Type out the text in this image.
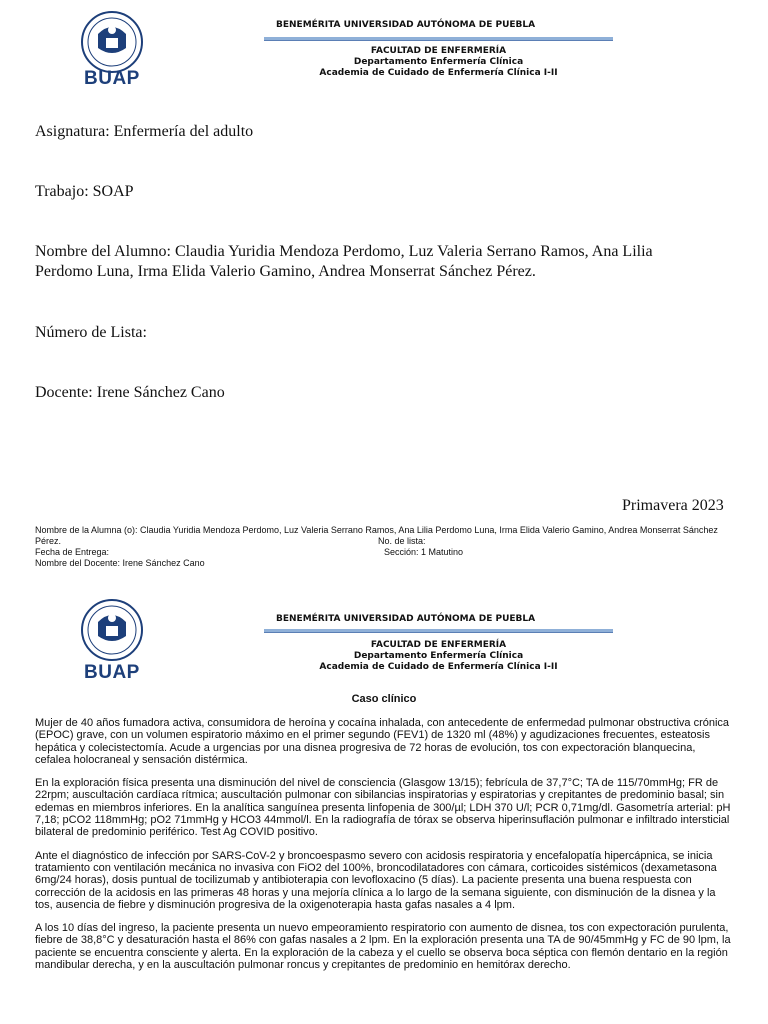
BUAP
BENEMÉRITA UNIVERSIDAD AUTÓNOMA DE PUEBLA
FACULTAD DE ENFERMERÍA
Departamento Enfermería Clínica
Academia de Cuidado de Enfermería Clínica I-II
Asignatura: Enfermería del adulto
Trabajo: SOAP
Nombre del Alumno: Claudia Yuridia Mendoza Perdomo, Luz Valeria Serrano Ramos, Ana Lilia
Perdomo Luna, Irma Elida Valerio Gamino, Andrea Monserrat Sánchez Pérez.
Número de Lista:
Docente: Irene Sánchez Cano
Primavera 2023
Nombre de la Alumna (o): Claudia Yuridia Mendoza Perdomo, Luz Valeria Serrano Ramos, Ana Lilia Perdomo Luna, Irma Elida Valerio Gamino, Andrea Monserrat Sánchez
Pérez.	No. de lista:
Fecha de Entrega:	Sección: 1 Matutino
Nombre del Docente: Irene Sánchez Cano
BUAP
BENEMÉRITA UNIVERSIDAD AUTÓNOMA DE PUEBLA
FACULTAD DE ENFERMERÍA
Departamento Enfermería Clínica
Academia de Cuidado de Enfermería Clínica I-II
Caso clínico

Mujer de 40 años fumadora activa, consumidora de heroína y cocaína inhalada, con antecedente de enfermedad pulmonar obstructiva crónica (EPOC) grave, con un volumen espiratorio máximo en el primer segundo (FEV1) de 1320 ml (48%) y agudizaciones frecuentes, esteatosis hepática y colecistectomía. Acude a urgencias por una disnea progresiva de 72 horas de evolución, tos con expectoración blanquecina, cefalea holocraneal y sensación distérmica.

En la exploración física presenta una disminución del nivel de consciencia (Glasgow 13/15); febrícula de 37,7°C; TA de 115/70mmHg; FR de 22rpm; auscultación cardíaca rítmica; auscultación pulmonar con sibilancias inspiratorias y espiratorias y crepitantes de predominio basal; sin edemas en miembros inferiores. En la analítica sanguínea presenta linfopenia de 300/µl; LDH 370 U/l; PCR 0,71mg/dl. Gasometría arterial: pH 7,18; pCO2 118mmHg; pO2 71mmHg y HCO3 44mmol/l. En la radiografía de tórax se observa hiperinsuflación pulmonar e infiltrado intersticial bilateral de predominio periférico. Test Ag COVID positivo.

Ante el diagnóstico de infección por SARS-CoV-2 y broncoespasmo severo con acidosis respiratoria y encefalopatía hipercápnica, se inicia tratamiento con ventilación mecánica no invasiva con FiO2 del 100%, broncodilatadores con cámara, corticoides sistémicos (dexametasona 6mg/24 horas), dosis puntual de tocilizumab y antibioterapia con levofloxacino (5 días). La paciente presenta una buena respuesta con corrección de la acidosis en las primeras 48 horas y una mejoría clínica a lo largo de la semana siguiente, con disminución de la disnea y la tos, ausencia de fiebre y disminución progresiva de la oxigenoterapia hasta gafas nasales a 4 lpm.

A los 10 días del ingreso, la paciente presenta un nuevo empeoramiento respiratorio con aumento de disnea, tos con expectoración purulenta, fiebre de 38,8°C y desaturación hasta el 86% con gafas nasales a 2 lpm. En la exploración presenta una TA de 90/45mmHg y FC de 90 lpm, la paciente se encuentra consciente y alerta. En la exploración de la cabeza y el cuello se observa boca séptica con flemón dentario en la región mandibular derecha, y en la auscultación pulmonar roncus y crepitantes de predominio en hemitórax derecho.
